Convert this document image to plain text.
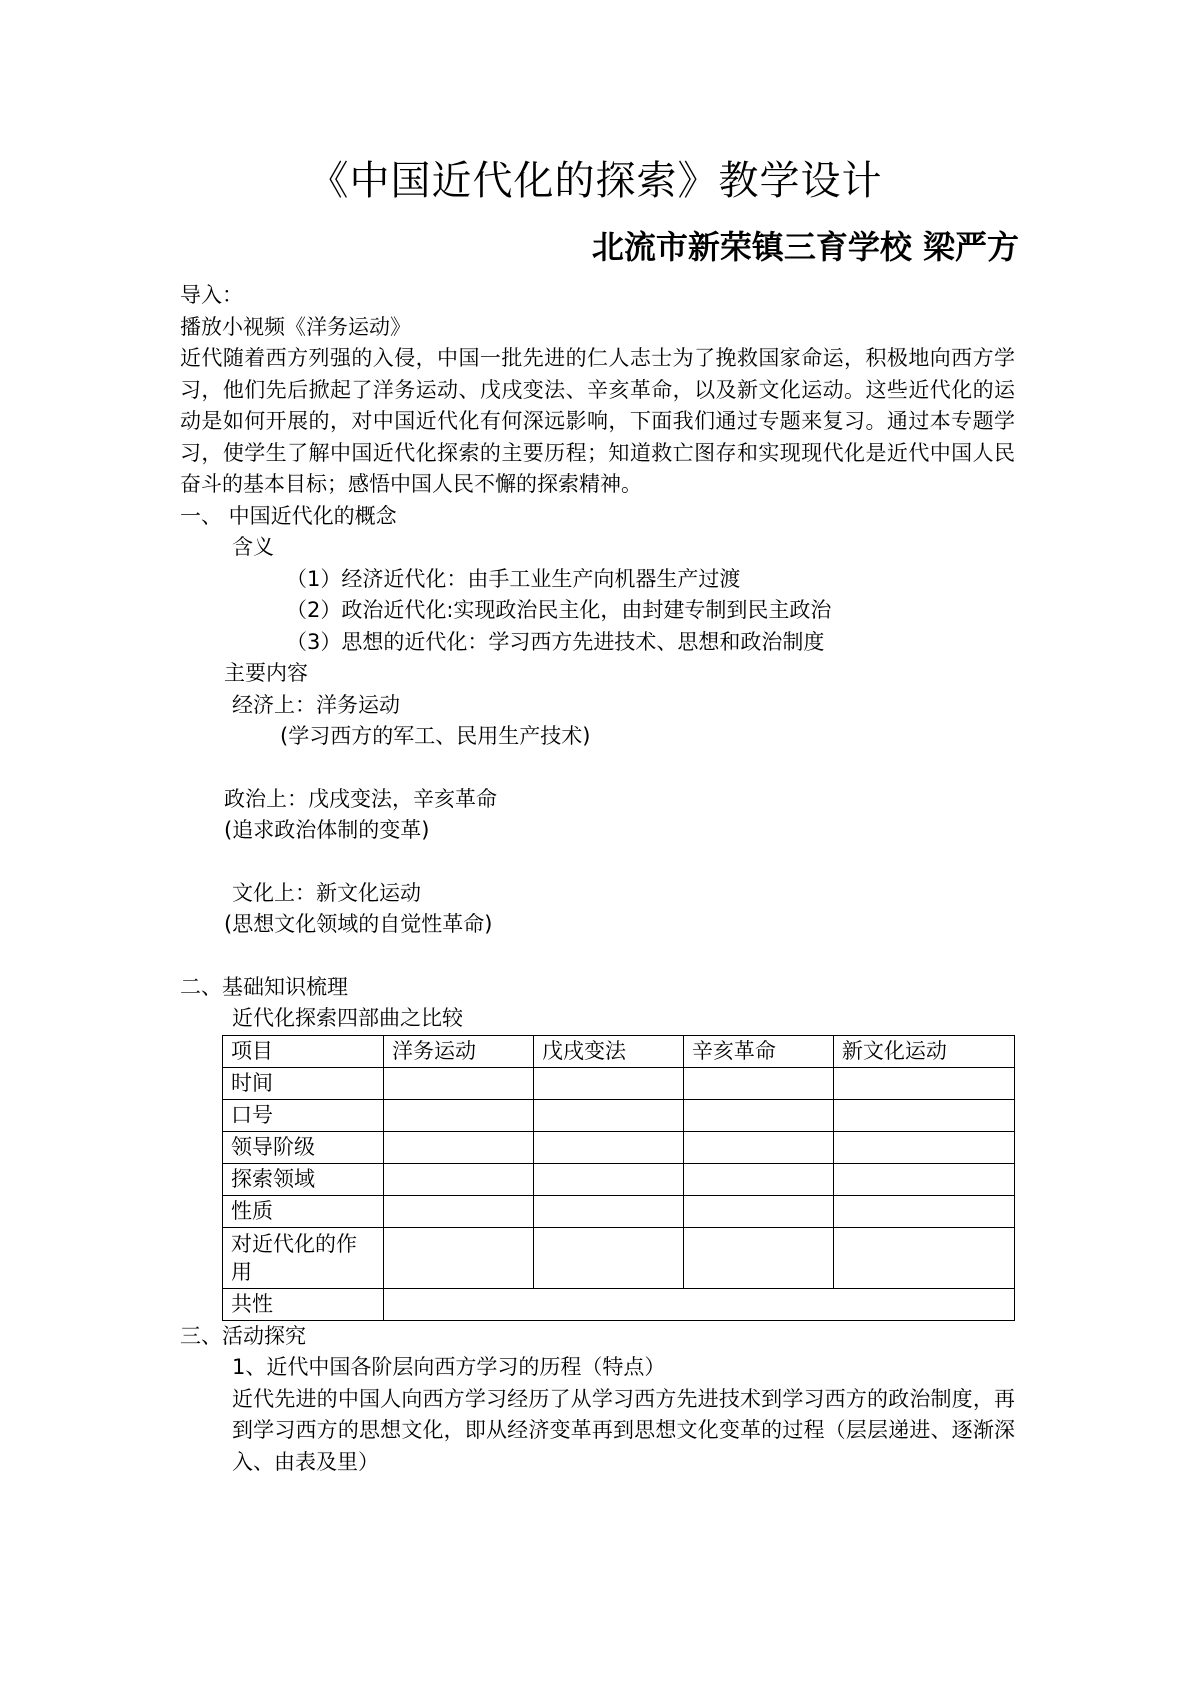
《中国近代化的探索》教学设计
北流市新荣镇三育学校 梁严方

导入：

播放小视频《洋务运动》

近代随着西方列强的入侵，中国一批先进的仁人志士为了挽救国家命运，积极地向西方学习，他们先后掀起了洋务运动、戊戌变法、辛亥革命，以及新文化运动。这些近代化的运动是如何开展的，对中国近代化有何深远影响，下面我们通过专题来复习。通过本专题学习，使学生了解中国近代化探索的主要历程；知道救亡图存和实现现代化是近代中国人民奋斗的基本目标；感悟中国人民不懈的探索精神。

一、 中国近代化的概念

含义

（1）经济近代化：由手工业生产向机器生产过渡

（2）政治近代化:实现政治民主化，由封建专制到民主政治

（3）思想的近代化：学习西方先进技术、思想和政治制度

主要内容

经济上：洋务运动

(学习西方的军工、民用生产技术)

政治上：戊戌变法，辛亥革命

(追求政治体制的变革)

文化上：新文化运动

(思想文化领域的自觉性革命)

二、基础知识梳理

近代化探索四部曲之比较

项目	洋务运动	戊戌变法	辛亥革命	新文化运动
时间				
口号				
领导阶级				
探索领域				
性质				
对近代化的作用				
共性				

三、活动探究

1、近代中国各阶层向西方学习的历程（特点）

近代先进的中国人向西方学习经历了从学习西方先进技术到学习西方的政治制度，再到学习西方的思想文化，即从经济变革再到思想文化变革的过程（层层递进、逐渐深入、由表及里）
